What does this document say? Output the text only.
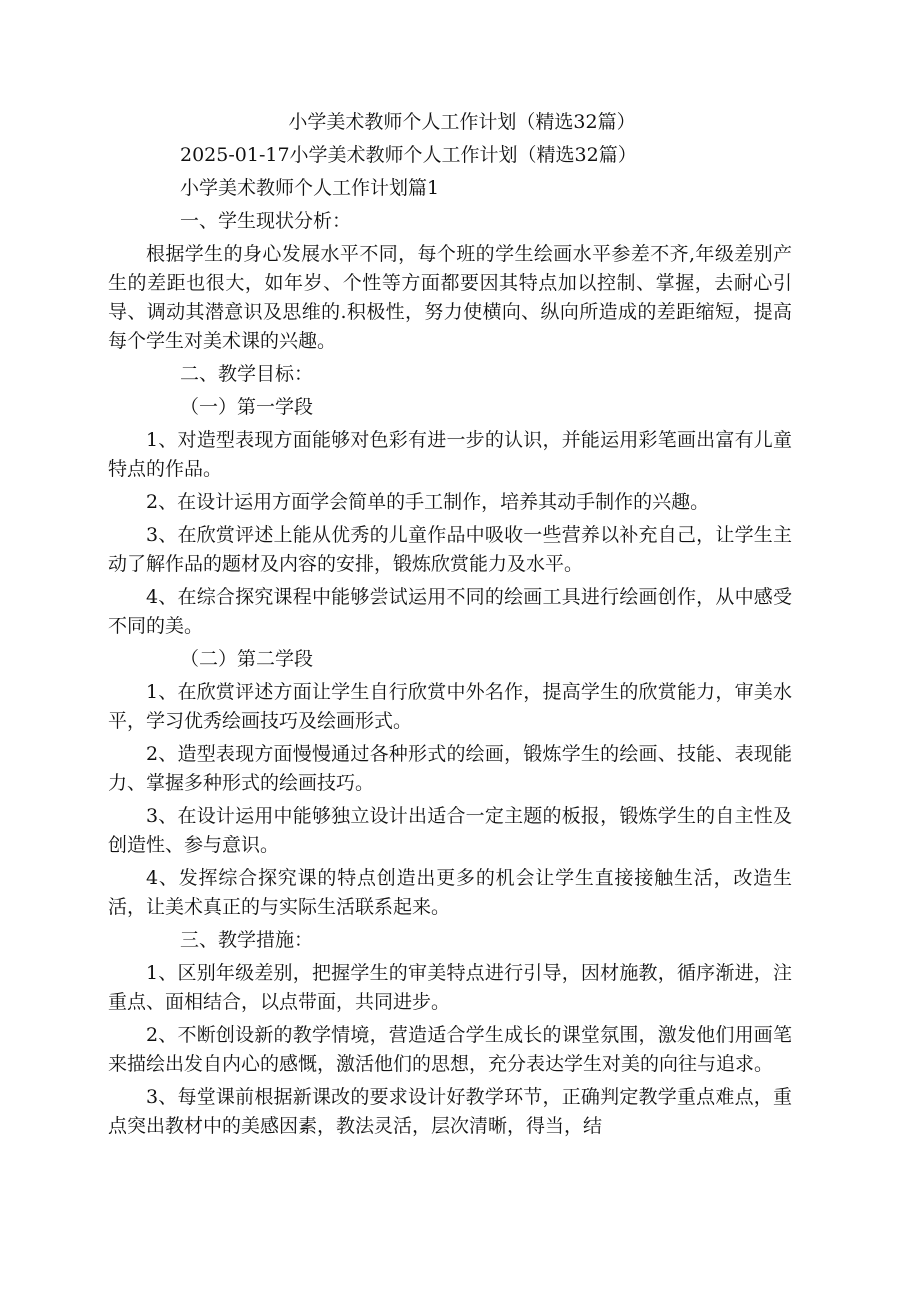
小学美术教师个人工作计划（精选32篇）
2025-01-17小学美术教师个人工作计划（精选32篇）
小学美术教师个人工作计划篇1
一、学生现状分析：
根据学生的身心发展水平不同，每个班的学生绘画水平参差不齐,年级差别产生的差距也很大，如年岁、个性等方面都要因其特点加以控制、掌握，去耐心引导、调动其潜意识及思维的.积极性，努力使横向、纵向所造成的差距缩短，提高每个学生对美术课的兴趣。
二、教学目标：
（一）第一学段
1、对造型表现方面能够对色彩有进一步的认识，并能运用彩笔画出富有儿童特点的作品。
2、在设计运用方面学会简单的手工制作，培养其动手制作的兴趣。
3、在欣赏评述上能从优秀的儿童作品中吸收一些营养以补充自己，让学生主动了解作品的题材及内容的安排，锻炼欣赏能力及水平。
4、在综合探究课程中能够尝试运用不同的绘画工具进行绘画创作，从中感受不同的美。
（二）第二学段
1、在欣赏评述方面让学生自行欣赏中外名作，提高学生的欣赏能力，审美水平，学习优秀绘画技巧及绘画形式。
2、造型表现方面慢慢通过各种形式的绘画，锻炼学生的绘画、技能、表现能力、掌握多种形式的绘画技巧。
3、在设计运用中能够独立设计出适合一定主题的板报，锻炼学生的自主性及创造性、参与意识。
4、发挥综合探究课的特点创造出更多的机会让学生直接接触生活，改造生活，让美术真正的与实际生活联系起来。
三、教学措施：
1、区别年级差别，把握学生的审美特点进行引导，因材施教，循序渐进，注重点、面相结合，以点带面，共同进步。
2、不断创设新的教学情境，营造适合学生成长的课堂氛围，激发他们用画笔来描绘出发自内心的感慨，激活他们的思想，充分表达学生对美的向往与追求。
3、每堂课前根据新课改的要求设计好教学环节，正确判定教学重点难点，重点突出教材中的美感因素，教法灵活，层次清晰，得当，结
